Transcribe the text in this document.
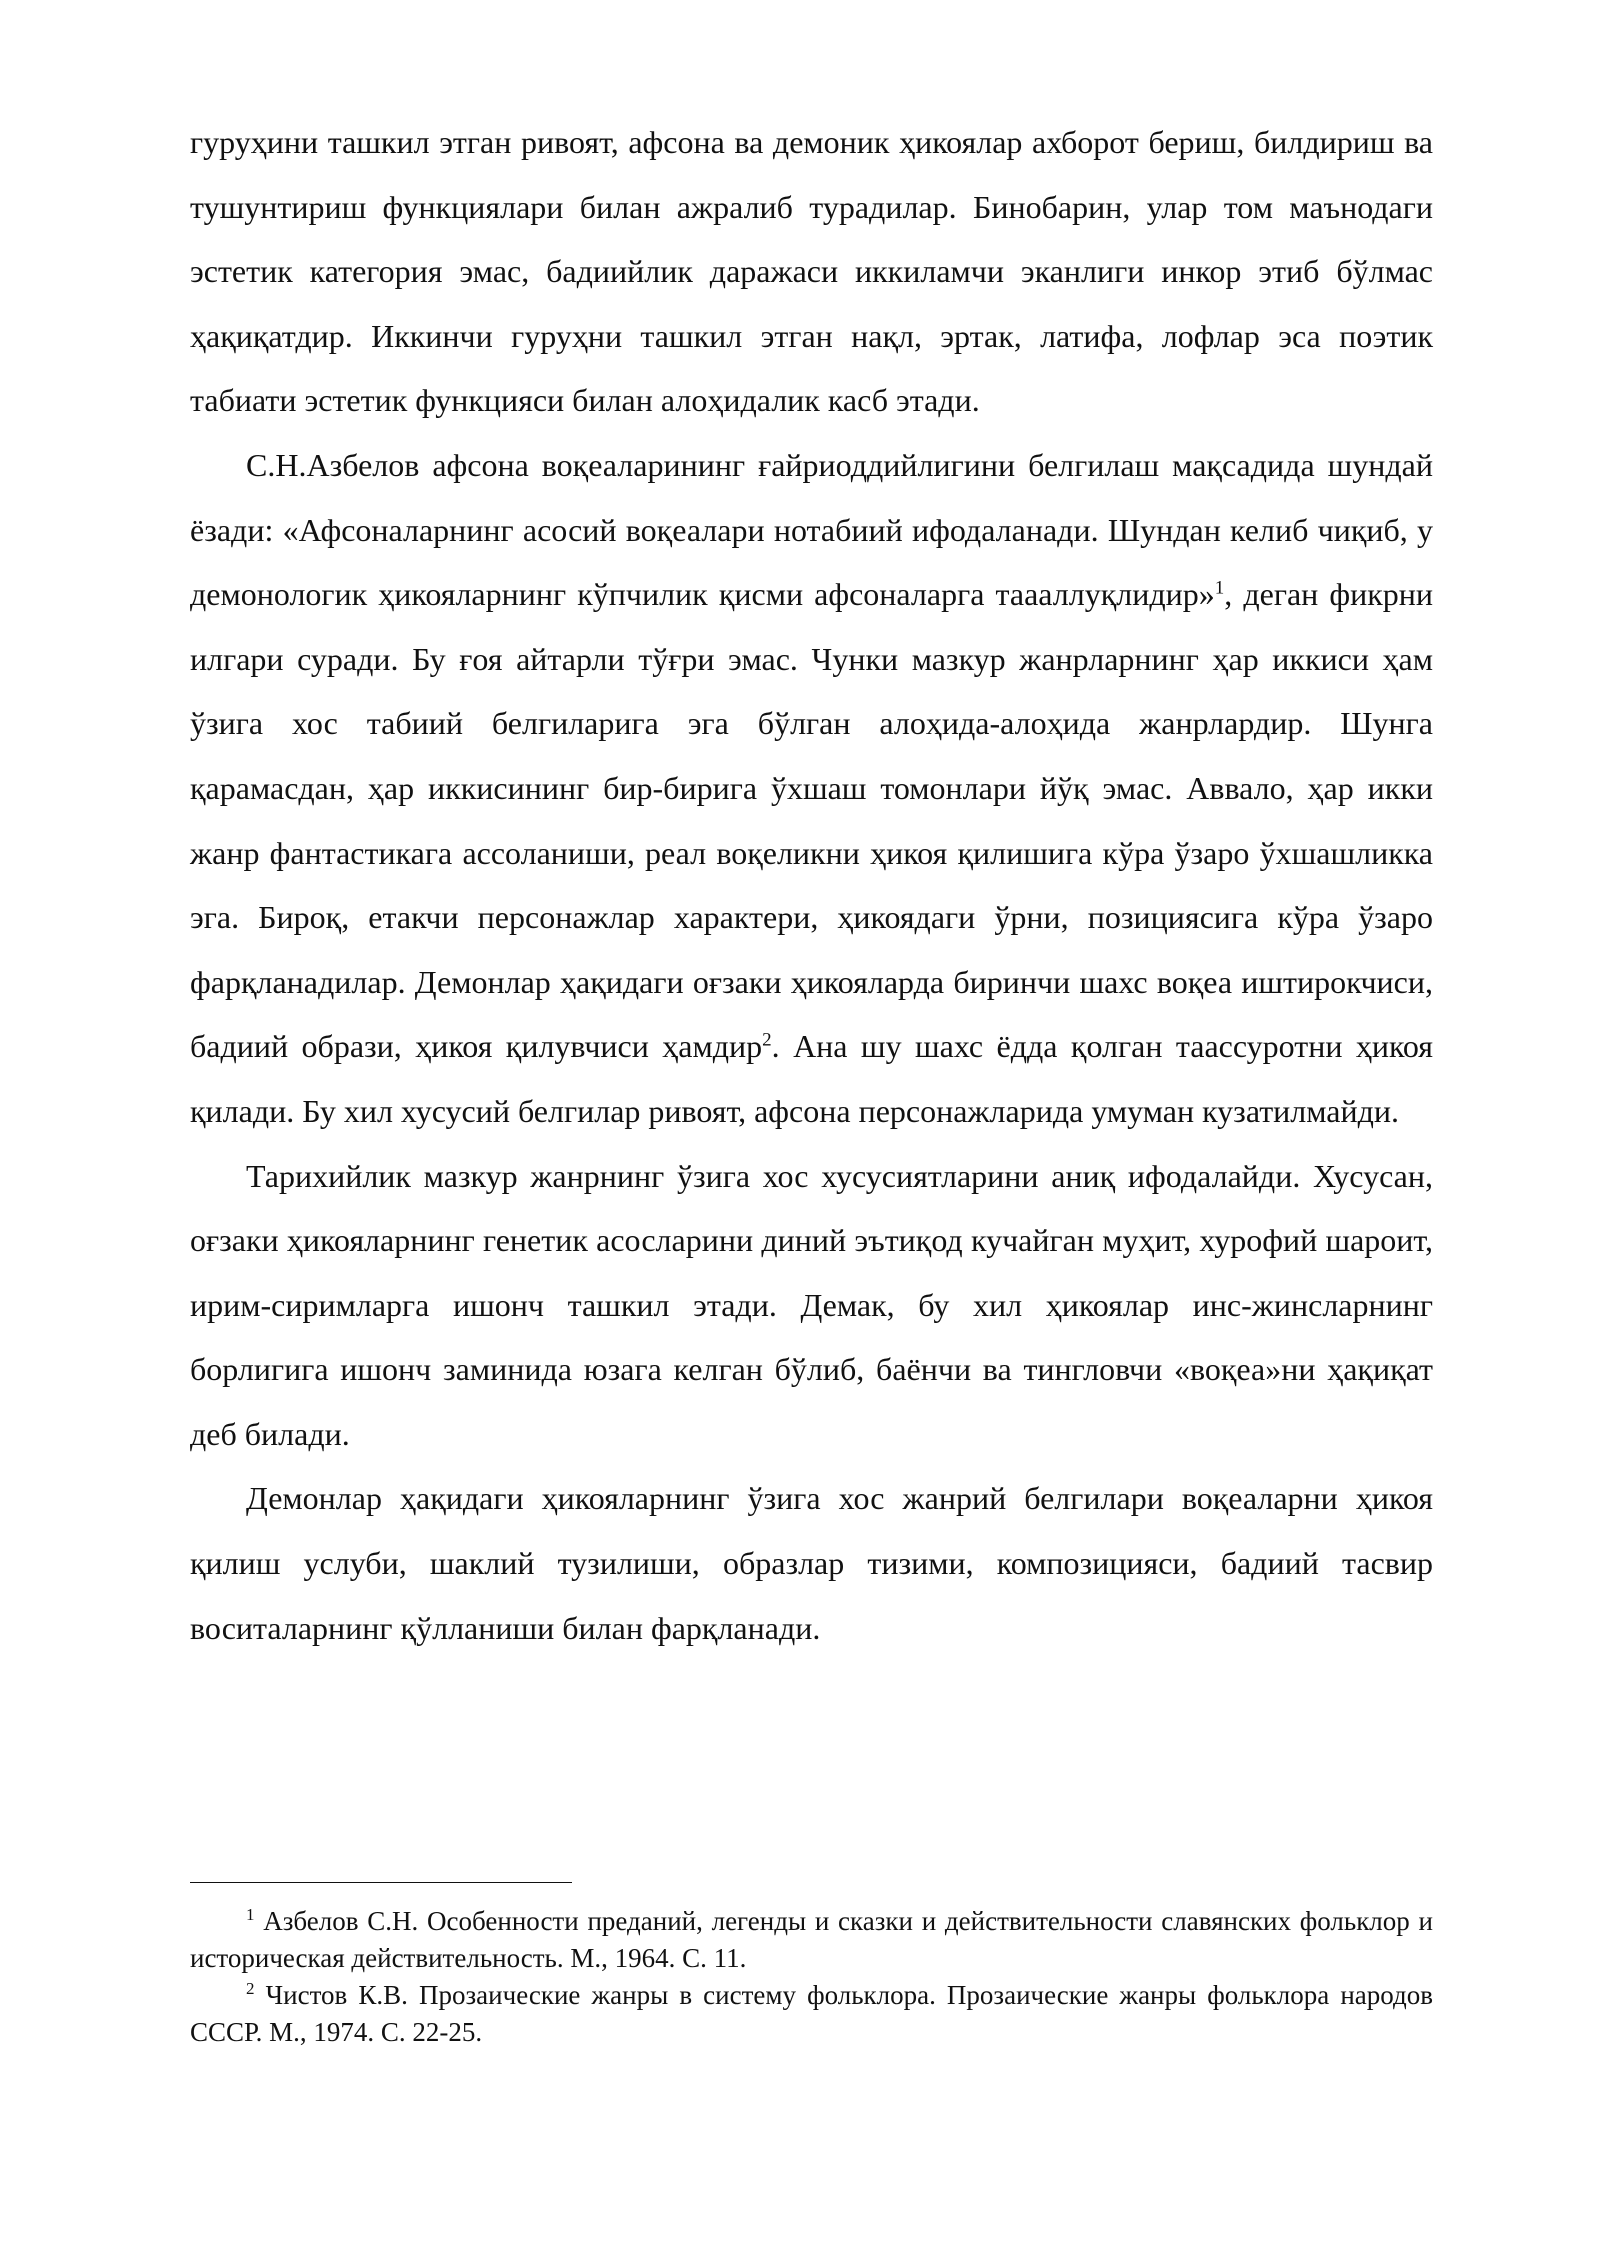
гуруҳини ташкил этган ривоят, афсона ва демоник ҳикоялар ахборот бериш, билдириш ва тушунтириш функциялари билан ажралиб турадилар. Бинобарин, улар том маънодаги эстетик категория эмас, бадиийлик даражаси иккиламчи эканлиги инкор этиб бўлмас ҳақиқатдир. Иккинчи гуруҳни ташкил этган нақл, эртак, латифа, лофлар эса поэтик табиати эстетик функцияси билан алоҳидалик касб этади.

С.Н.Азбелов афсона воқеаларининг ғайриоддийлигини белгилаш мақсадида шундай ёзади: «Афсоналарнинг асосий воқеалари нотабиий ифодаланади. Шундан келиб чиқиб, у демонологик ҳикояларнинг кўпчилик қисми афсоналарга таааллуқлидир»$^1$, деган фикрни илгари суради. Бу ғоя айтарли тўғри эмас. Чунки мазкур жанрларнинг ҳар иккиси ҳам ўзига хос табиий белгиларига эга бўлган алоҳида-алоҳида жанрлардир. Шунга қарамасдан, ҳар иккисининг бир-бирига ўхшаш томонлари йўқ эмас. Аввало, ҳар икки жанр фантастикага ассоланиши, реал воқеликни ҳикоя қилишига кўра ўзаро ўхшашликка эга. Бироқ, етакчи персонажлар характери, ҳикоядаги ўрни, позициясига кўра ўзаро фарқланадилар. Демонлар ҳақидаги оғзаки ҳикояларда биринчи шахс воқеа иштирокчиси, бадиий образи, ҳикоя қилувчиси ҳамдир$^2$. Ана шу шахс ёдда қолган таассуротни ҳикоя қилади. Бу хил хусусий белгилар ривоят, афсона персонажларида умуман кузатилмайди.

Тарихийлик мазкур жанрнинг ўзига хос хусусиятларини аниқ ифодалайди. Хусусан, оғзаки ҳикояларнинг генетик асосларини диний эътиқод кучайган муҳит, хурофий шароит, ирим-сиримларга ишонч ташкил этади. Демак, бу хил ҳикоялар инс-жинсларнинг борлигига ишонч заминида юзага келган бўлиб, баёнчи ва тингловчи «воқеа»ни ҳақиқат деб билади.

Демонлар ҳақидаги ҳикояларнинг ўзига хос жанрий белгилари воқеаларни ҳикоя қилиш услуби, шаклий тузилиши, образлар тизими, композицияси, бадиий тасвир воситаларнинг қўлланиши билан фарқланади.

$^1$ Азбелов С.Н. Особенности преданий, легенды и сказки и действительности славянских фольклор и историческая действительность. М., 1964. С. 11.

$^2$ Чистов К.В. Прозаические жанры в систему фольклора. Прозаические жанры фольклора народов СССР. М., 1974. С. 22-25.
